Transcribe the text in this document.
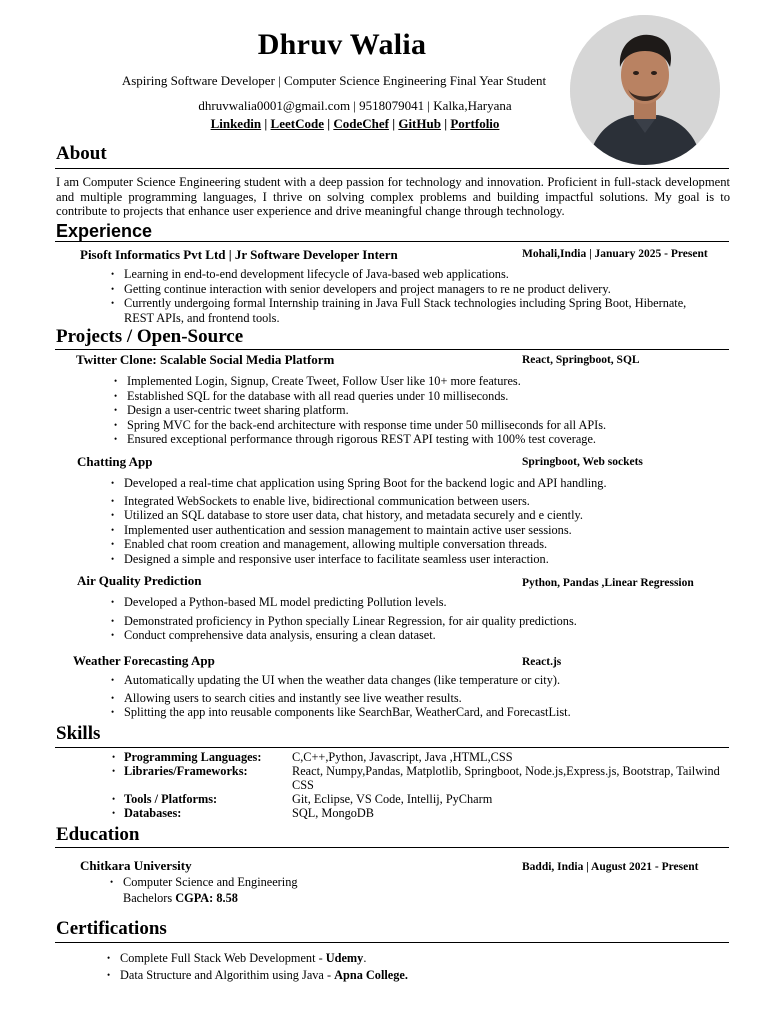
Dhruv Walia
Aspiring Software Developer | Computer Science Engineering Final Year Student
dhruvwalia0001@gmail.com | 9518079041 | Kalka,Haryana
Linkedin | LeetCode | CodeChef | GitHub | Portfolio
About
I am Computer Science Engineering student with a deep passion for technology and innovation. Proficient in full-stack development and multiple programming languages, I thrive on solving complex problems and building impactful solutions. My goal is to contribute to projects that enhance user experience and drive meaningful change through technology.
Experience
Pisoft Informatics Pvt Ltd | Jr Software Developer Intern	Mohali,India | January 2025 - Present
• Learning in end-to-end development lifecycle of Java-based web applications.
• Getting continue interaction with senior developers and project managers to re ne product delivery.
• Currently undergoing formal Internship training in Java Full Stack technologies including Spring Boot, Hibernate, REST APIs, and frontend tools.
Projects / Open-Source
Twitter Clone: Scalable Social Media Platform	React, Springboot, SQL
• Implemented Login, Signup, Create Tweet, Follow User like 10+ more features.
• Established SQL for the database with all read queries under 10 milliseconds.
• Design a user-centric tweet sharing platform.
• Spring MVC for the back-end architecture with response time under 50 milliseconds for all APIs.
• Ensured exceptional performance through rigorous REST API testing with 100% test coverage.
Chatting App	Springboot, Web sockets
• Developed a real-time chat application using Spring Boot for the backend logic and API handling.
• Integrated WebSockets to enable live, bidirectional communication between users.
• Utilized an SQL database to store user data, chat history, and metadata securely and e ciently.
• Implemented user authentication and session management to maintain active user sessions.
• Enabled chat room creation and management, allowing multiple conversation threads.
• Designed a simple and responsive user interface to facilitate seamless user interaction.
Air Quality Prediction	Python, Pandas ,Linear Regression
• Developed a Python-based ML model predicting Pollution levels.
• Demonstrated proficiency in Python specially Linear Regression, for air quality predictions.
• Conduct comprehensive data analysis, ensuring a clean dataset.
Weather Forecasting App	React.js
• Automatically updating the UI when the weather data changes (like temperature or city).
• Allowing users to search cities and instantly see live weather results.
• Splitting the app into reusable components like SearchBar, WeatherCard, and ForecastList.
Skills
• Programming Languages: C,C++,Python, Javascript, Java ,HTML,CSS
• Libraries/Frameworks:	React, Numpy,Pandas, Matplotlib, Springboot, Node.js,Express.js, Bootstrap, Tailwind CSS
• Tools / Platforms:	Git, Eclipse, VS Code, Intellij, PyCharm
• Databases:	SQL, MongoDB
Education
Chitkara University	Baddi, India | August 2021 - Present
• Computer Science and Engineering
Bachelors CGPA: 8.58
Certifications
• Complete Full Stack Web Development - Udemy.
• Data Structure and Algorithim using Java - Apna College.
